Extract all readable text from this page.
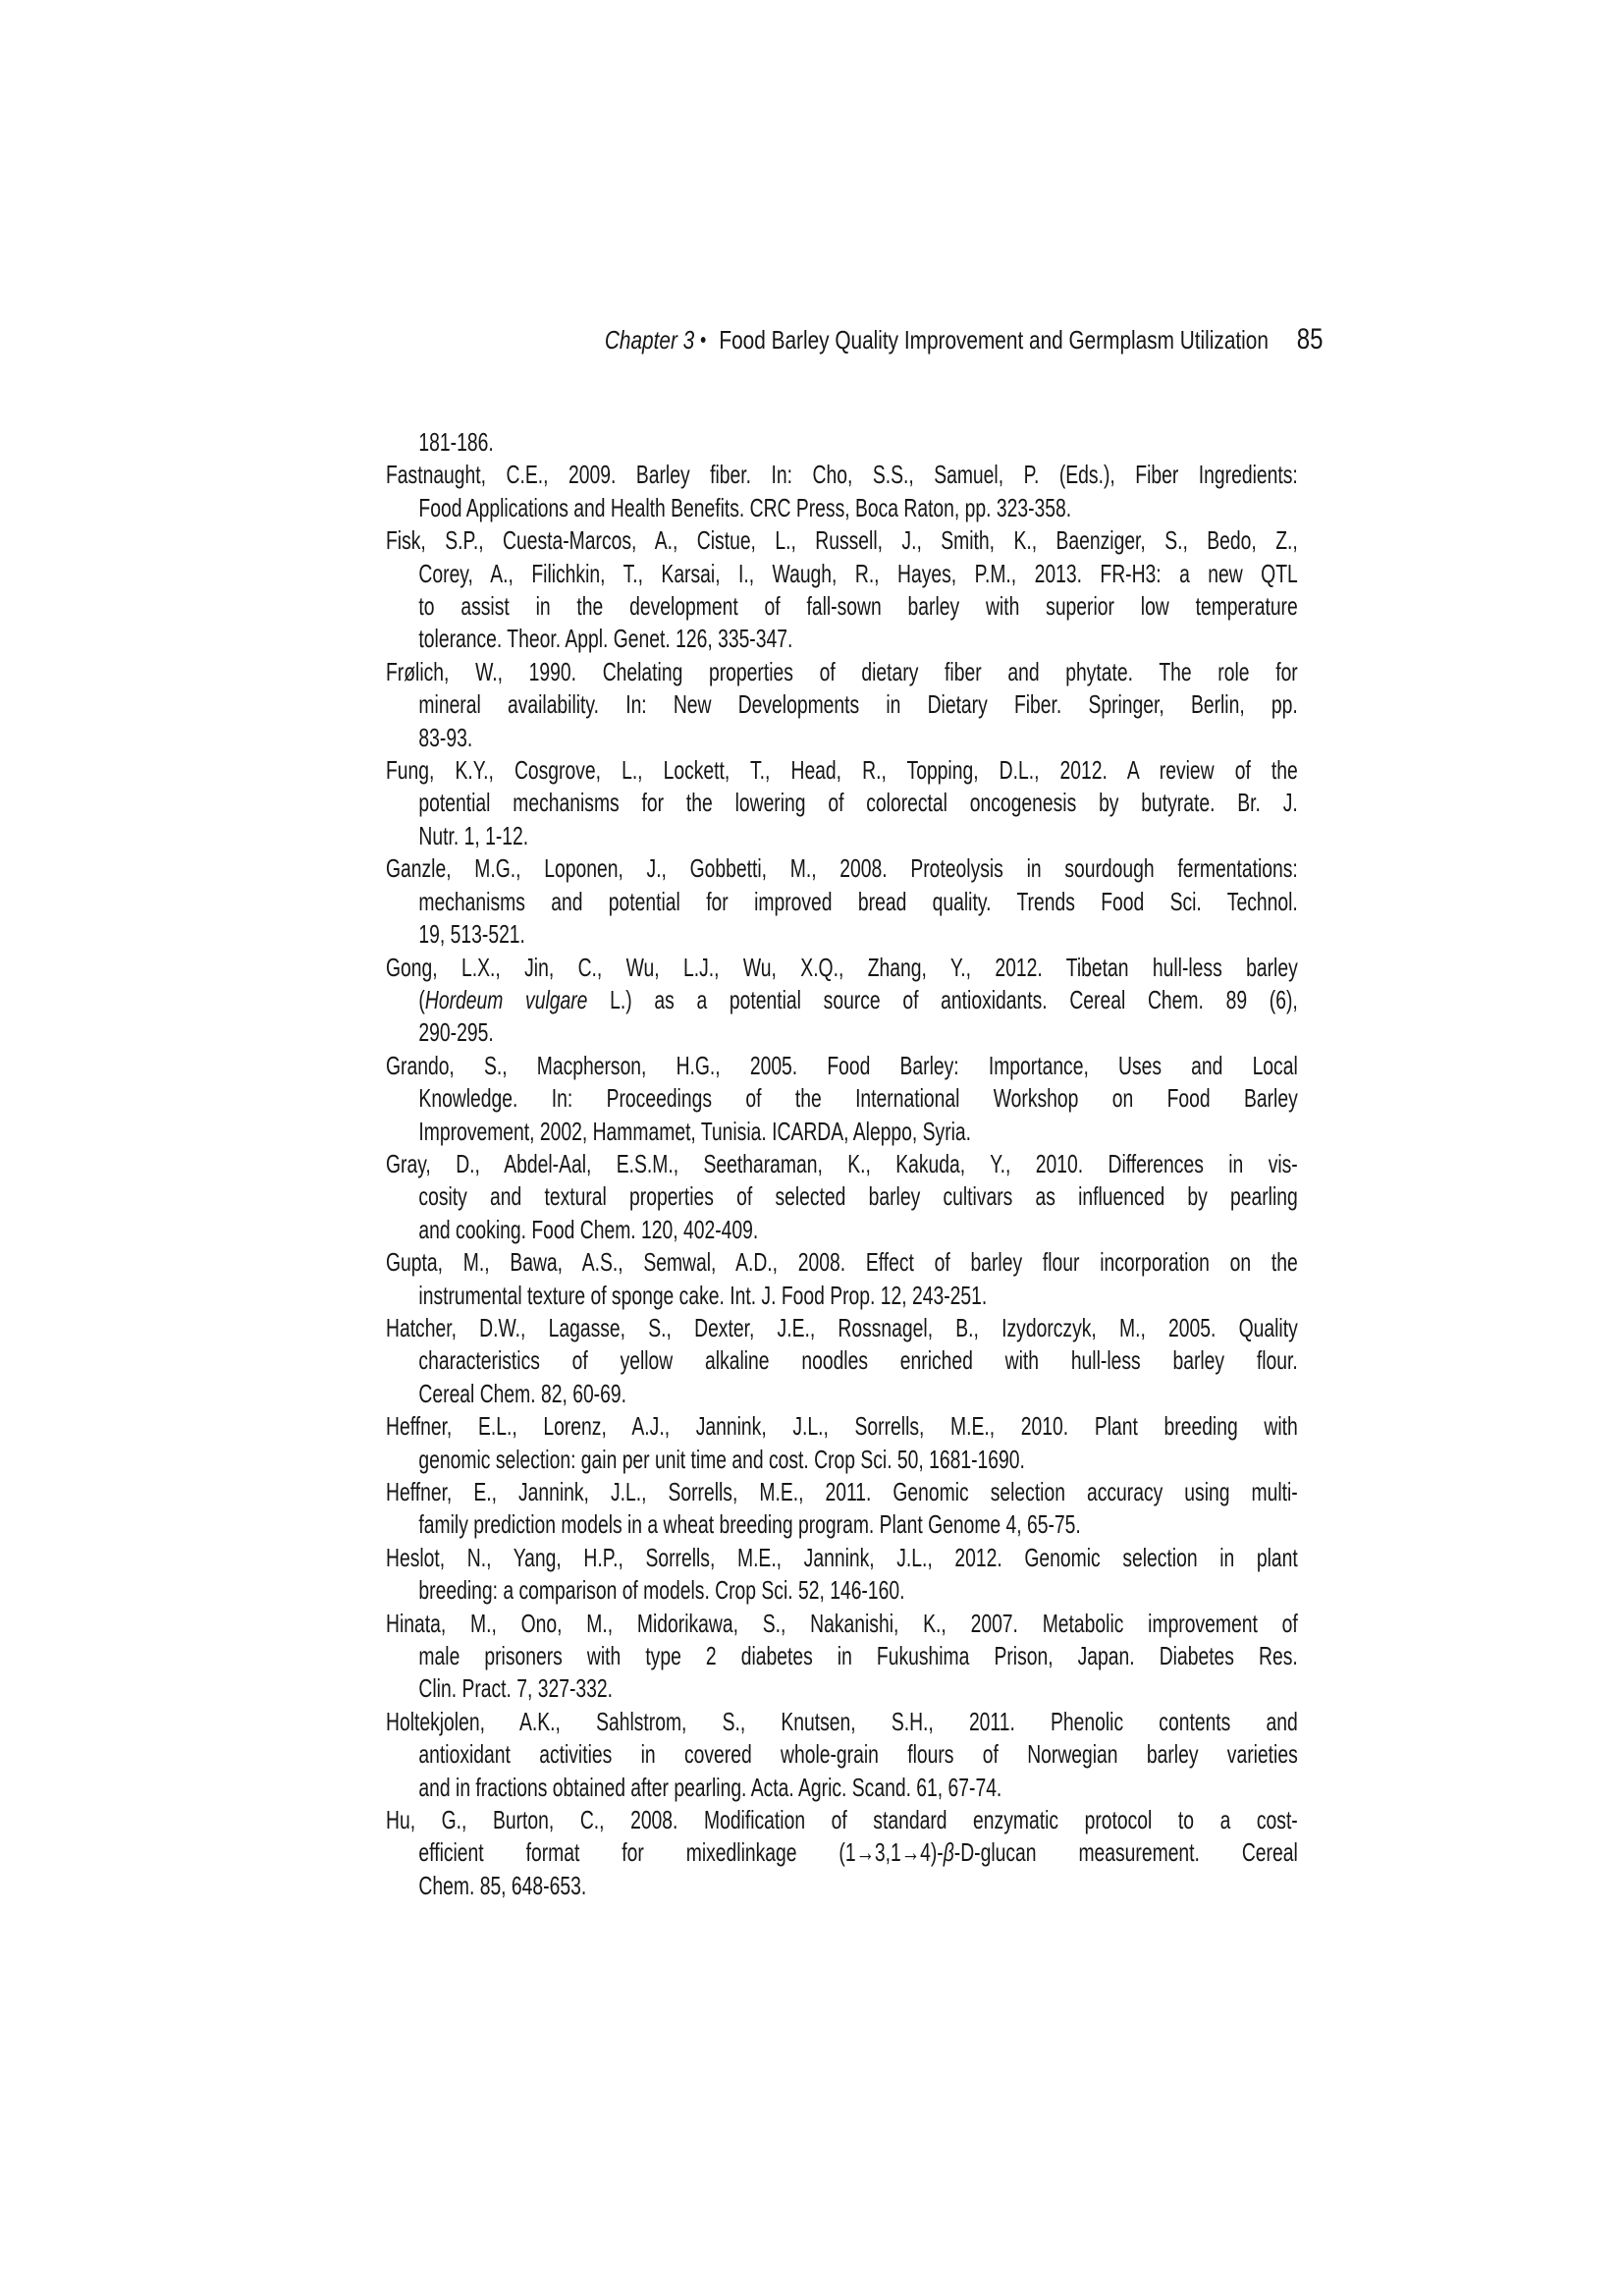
Chapter 3 ● Food Barley Quality Improvement and Germplasm Utilization 85
181-186.
Fastnaught, C.E., 2009. Barley fiber. In: Cho, S.S., Samuel, P. (Eds.), Fiber Ingredients:
Food Applications and Health Benefits. CRC Press, Boca Raton, pp. 323-358.
Fisk, S.P., Cuesta-Marcos, A., Cistue, L., Russell, J., Smith, K., Baenziger, S., Bedo, Z.,
Corey, A., Filichkin, T., Karsai, I., Waugh, R., Hayes, P.M., 2013. FR-H3: a new QTL
to assist in the development of fall-sown barley with superior low temperature
tolerance. Theor. Appl. Genet. 126, 335-347.
Frølich, W., 1990. Chelating properties of dietary fiber and phytate. The role for
mineral availability. In: New Developments in Dietary Fiber. Springer, Berlin, pp.
83-93.
Fung, K.Y., Cosgrove, L., Lockett, T., Head, R., Topping, D.L., 2012. A review of the
potential mechanisms for the lowering of colorectal oncogenesis by butyrate. Br. J.
Nutr. 1, 1-12.
Ganzle, M.G., Loponen, J., Gobbetti, M., 2008. Proteolysis in sourdough fermentations:
mechanisms and potential for improved bread quality. Trends Food Sci. Technol.
19, 513-521.
Gong, L.X., Jin, C., Wu, L.J., Wu, X.Q., Zhang, Y., 2012. Tibetan hull-less barley
(Hordeum vulgare L.) as a potential source of antioxidants. Cereal Chem. 89 (6),
290-295.
Grando, S., Macpherson, H.G., 2005. Food Barley: Importance, Uses and Local
Knowledge. In: Proceedings of the International Workshop on Food Barley
Improvement, 2002, Hammamet, Tunisia. ICARDA, Aleppo, Syria.
Gray, D., Abdel-Aal, E.S.M., Seetharaman, K., Kakuda, Y., 2010. Differences in vis-
cosity and textural properties of selected barley cultivars as influenced by pearling
and cooking. Food Chem. 120, 402-409.
Gupta, M., Bawa, A.S., Semwal, A.D., 2008. Effect of barley flour incorporation on the
instrumental texture of sponge cake. Int. J. Food Prop. 12, 243-251.
Hatcher, D.W., Lagasse, S., Dexter, J.E., Rossnagel, B., Izydorczyk, M., 2005. Quality
characteristics of yellow alkaline noodles enriched with hull-less barley flour.
Cereal Chem. 82, 60-69.
Heffner, E.L., Lorenz, A.J., Jannink, J.L., Sorrells, M.E., 2010. Plant breeding with
genomic selection: gain per unit time and cost. Crop Sci. 50, 1681-1690.
Heffner, E., Jannink, J.L., Sorrells, M.E., 2011. Genomic selection accuracy using multi-
family prediction models in a wheat breeding program. Plant Genome 4, 65-75.
Heslot, N., Yang, H.P., Sorrells, M.E., Jannink, J.L., 2012. Genomic selection in plant
breeding: a comparison of models. Crop Sci. 52, 146-160.
Hinata, M., Ono, M., Midorikawa, S., Nakanishi, K., 2007. Metabolic improvement of
male prisoners with type 2 diabetes in Fukushima Prison, Japan. Diabetes Res.
Clin. Pract. 7, 327-332.
Holtekjolen, A.K., Sahlstrom, S., Knutsen, S.H., 2011. Phenolic contents and
antioxidant activities in covered whole-grain flours of Norwegian barley varieties
and in fractions obtained after pearling. Acta. Agric. Scand. 61, 67-74.
Hu, G., Burton, C., 2008. Modification of standard enzymatic protocol to a cost-
efficient format for mixedlinkage (1→3,1→4)-β-D-glucan measurement. Cereal
Chem. 85, 648-653.
